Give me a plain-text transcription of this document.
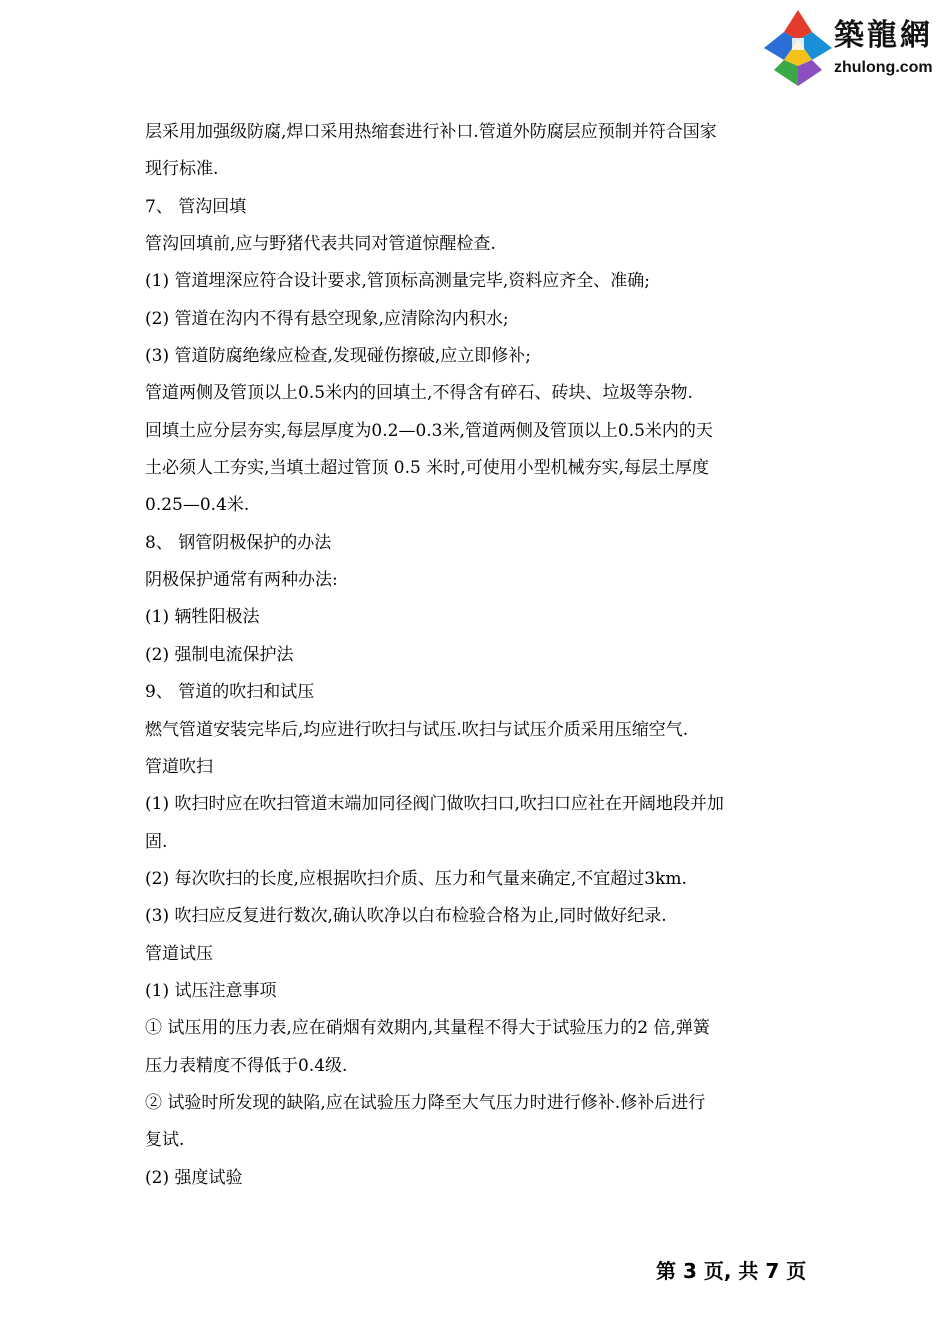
築龍網
zhulong.com
层采用加强级防腐,焊口采用热缩套进行补口.管道外防腐层应预制并符合国家
现行标准.
7、 管沟回填
管沟回填前,应与野猪代表共同对管道惊醒检查.
(1) 管道埋深应符合设计要求,管顶标高测量完毕,资料应齐全、准确;
(2) 管道在沟内不得有悬空现象,应清除沟内积水;
(3) 管道防腐绝缘应检查,发现碰伤擦破,应立即修补;
管道两侧及管顶以上0.5米内的回填土,不得含有碎石、砖块、垃圾等杂物.
回填土应分层夯实,每层厚度为0.2—0.3米,管道两侧及管顶以上0.5米内的天
土必须人工夯实,当填土超过管顶 0.5 米时,可使用小型机械夯实,每层土厚度
0.25—0.4米.
8、 钢管阴极保护的办法
阴极保护通常有两种办法:
(1) 辆牲阳极法
(2) 强制电流保护法
9、 管道的吹扫和试压
燃气管道安装完毕后,均应进行吹扫与试压.吹扫与试压介质采用压缩空气.
管道吹扫
(1) 吹扫时应在吹扫管道末端加同径阀门做吹扫口,吹扫口应社在开阔地段并加
固.
(2) 每次吹扫的长度,应根据吹扫介质、压力和气量来确定,不宜超过3km.
(3) 吹扫应反复进行数次,确认吹净以白布检验合格为止,同时做好纪录.
管道试压
(1) 试压注意事项
① 试压用的压力表,应在硝烟有效期内,其量程不得大于试验压力的2 倍,弹簧
压力表精度不得低于0.4级.
② 试验时所发现的缺陷,应在试验压力降至大气压力时进行修补.修补后进行
复试.
(2) 强度试验
第 3 页, 共 7 页
